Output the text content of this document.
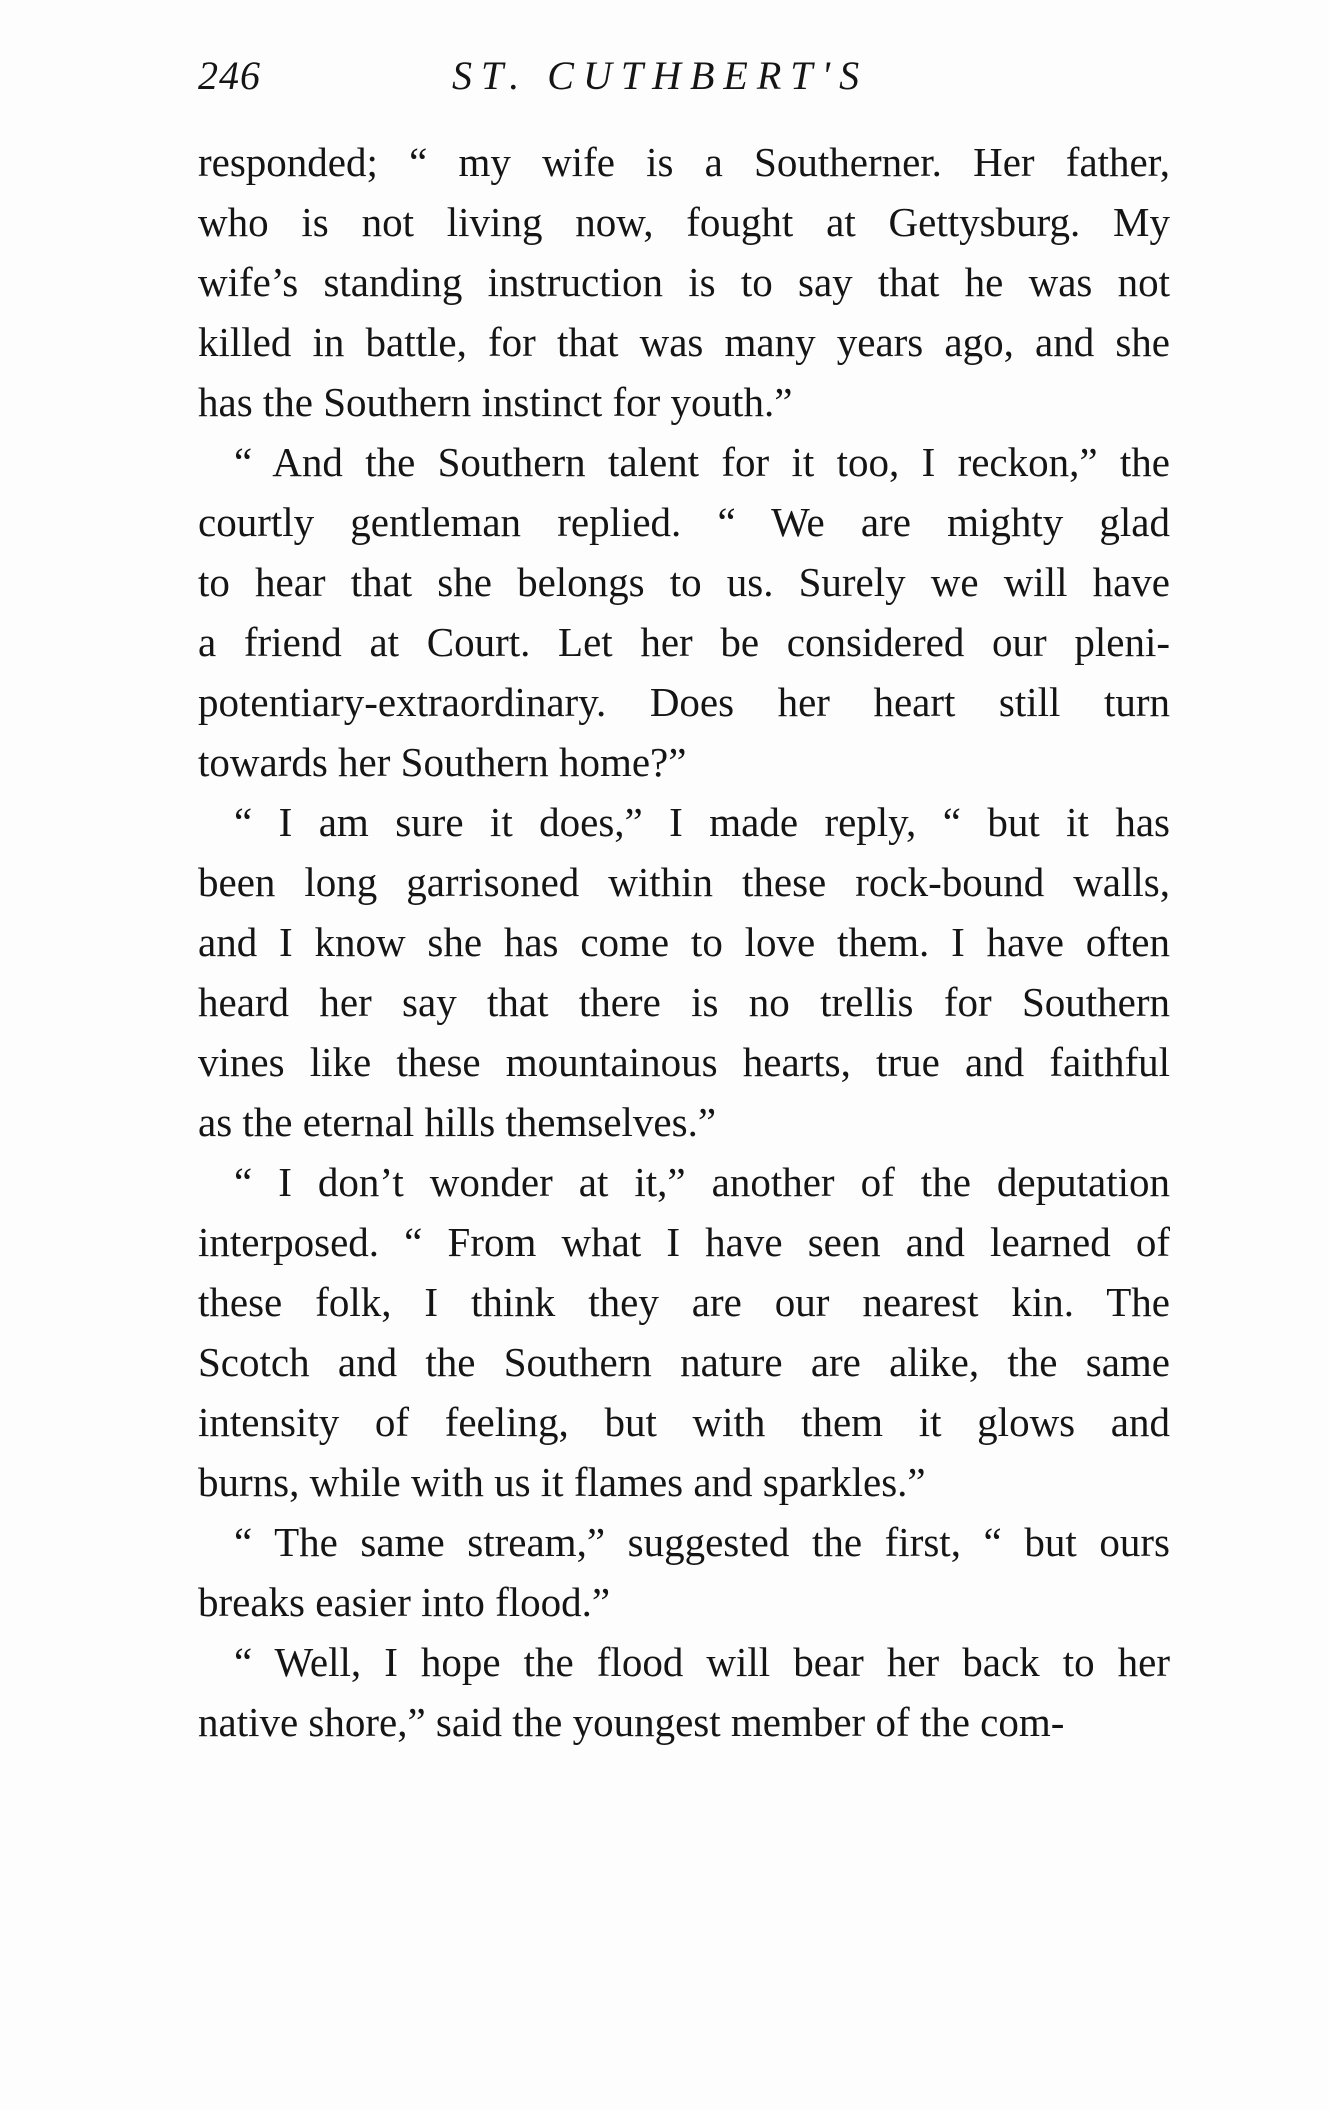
246	ST. CUTHBERT'S
responded; “ my wife is a Southerner. Her father,
who is not living now, fought at Gettysburg. My
wife’s standing instruction is to say that he was not
killed in battle, for that was many years ago, and she
has the Southern instinct for youth.”
“ And the Southern talent for it too, I reckon,” the
courtly gentleman replied. “ We are mighty glad
to hear that she belongs to us. Surely we will have
a friend at Court. Let her be considered our pleni-
potentiary-extraordinary. Does her heart still turn
towards her Southern home?”
“ I am sure it does,” I made reply, “ but it has
been long garrisoned within these rock-bound walls,
and I know she has come to love them. I have often
heard her say that there is no trellis for Southern
vines like these mountainous hearts, true and faithful
as the eternal hills themselves.”
“ I don’t wonder at it,” another of the deputation
interposed. “ From what I have seen and learned of
these folk, I think they are our nearest kin. The
Scotch and the Southern nature are alike, the same
intensity of feeling, but with them it glows and
burns, while with us it flames and sparkles.”
“ The same stream,” suggested the first, “ but ours
breaks easier into flood.”
“ Well, I hope the flood will bear her back to her
native shore,” said the youngest member of the com-
